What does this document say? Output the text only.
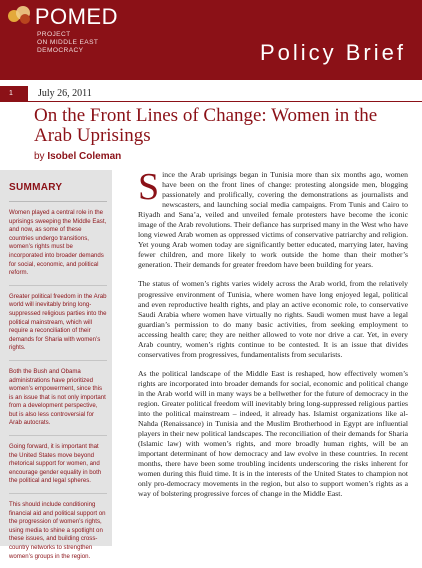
POMED
PROJECT
ON MIDDLE EAST
DEMOCRACY	Policy Brief
1	July 26, 2011
On the Front Lines of Change: Women in the Arab Uprisings
by Isobel Coleman
SUMMARY
Women played a central role in the uprisings sweeping the Middle East, and now, as some of these countries undergo transitions, women’s rights must be incorporated into broader demands for social, economic, and political reform.
Greater political freedom in the Arab world will inevitably bring long-suppressed religious parties into the political mainstream, which will require a reconciliation of their demands for Sharia with women’s rights.
Both the Bush and Obama administrations have prioritized women’s empowerment, since this is an issue that is not only important from a development perspective, but is also less controversial for Arab autocrats.
Going forward, it is important that the United States move beyond rhetorical support for women, and encourage gender equality in both the political and legal spheres.
This should include conditioning financial aid and political support on the progression of women’s rights, using media to shine a spotlight on these issues, and building cross-country networks to strengthen women’s groups in the region.

Since the Arab uprisings began in Tunisia more than six months ago, women have been on the front lines of change: protesting alongside men, blogging passionately and prolifically, covering the demonstrations as journalists and newscasters, and launching social media campaigns. From Tunis and Cairo to Riyadh and Sana’a, veiled and unveiled female protesters have become the iconic image of the Arab revolutions. Their defiance has surprised many in the West who have long viewed Arab women as oppressed victims of conservative patriarchy and religion. Yet young Arab women today are significantly better educated, marrying later, having fewer children, and more likely to work outside the home than their mother’s generation. Their demands for greater freedom have been building for years.

The status of women’s rights varies widely across the Arab world, from the relatively progressive environment of Tunisia, where women have long enjoyed legal, political and even reproductive health rights, and play an active economic role, to conservative Saudi Arabia where women have virtually no rights. Saudi women must have a legal guardian’s permission to do many basic activities, from seeking employment to accessing health care; they are neither allowed to vote nor drive a car. Yet, in every Arab country, women’s rights continue to be contested. It is an issue that divides conservatives from progressives, fundamentalists from secularists.

As the political landscape of the Middle East is reshaped, how effectively women’s rights are incorporated into broader demands for social, economic and political change in the Arab world will in many ways be a bellwether for the future of democracy in the region. Greater political freedom will inevitably bring long-suppressed religious parties into the political mainstream – indeed, it already has. Islamist organizations like al-Nahda (Renaissance) in Tunisia and the Muslim Brotherhood in Egypt are influential players in their new political landscapes. The reconciliation of their demands for Sharia (Islamic law) with women’s rights, and more broadly human rights, will be an important determinant of how democracy and law evolve in these countries. In recent months, there have been some troubling incidents underscoring the risks inherent for women during this fluid time. It is in the interests of the United States to champion not only pro-democracy movements in the region, but also to support women’s rights as a way of bolstering progressive forces of change in the Middle East.
